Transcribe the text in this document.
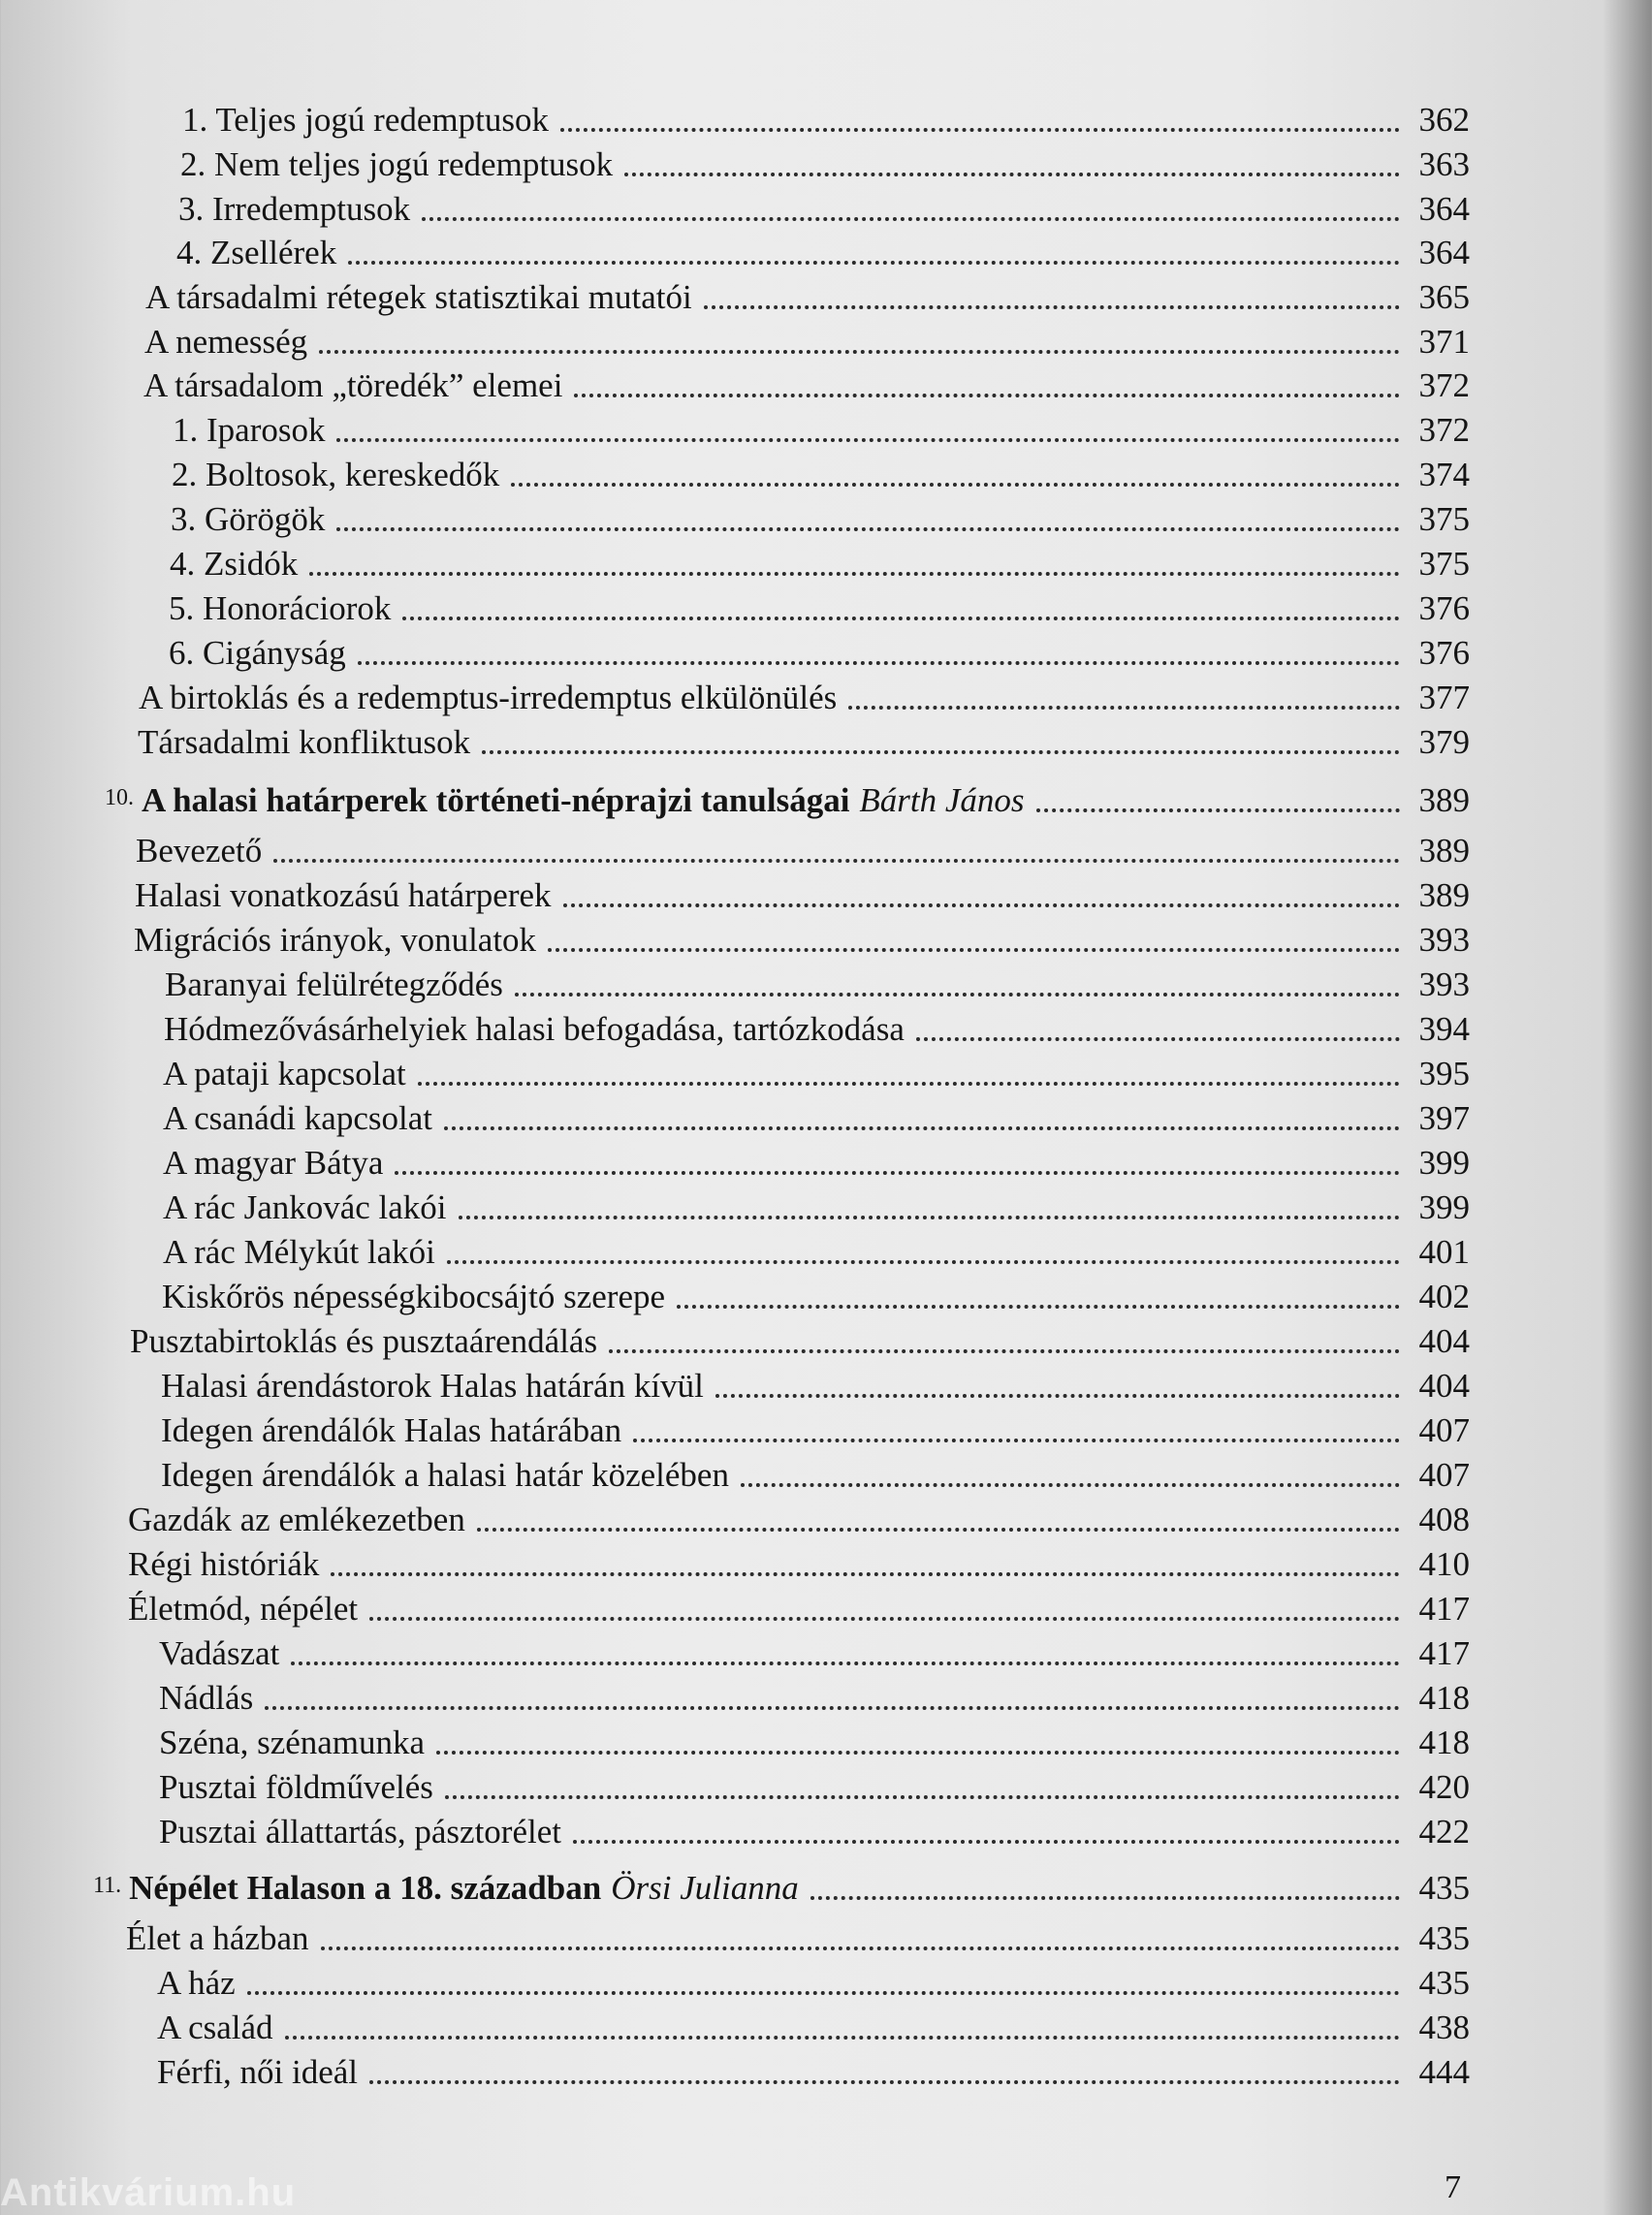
1. Teljes jogú redemptusok	362
2. Nem teljes jogú redemptusok	363
3. Irredemptusok	364
4. Zsellérek	364
A társadalmi rétegek statisztikai mutatói	365
A nemesség	371
A társadalom „töredék” elemei	372
1. Iparosok	372
2. Boltosok, kereskedők	374
3. Görögök	375
4. Zsidók	375
5. Honoráciorok	376
6. Cigányság	376
A birtoklás és a redemptus-irredemptus elkülönülés	377
Társadalmi konfliktusok	379
10. A halasi határperek történeti-néprajzi tanulságai Bárth János	389
Bevezető	389
Halasi vonatkozású határperek	389
Migrációs irányok, vonulatok	393
Baranyai felülrétegződés	393
Hódmezővásárhelyiek halasi befogadása, tartózkodása	394
A pataji kapcsolat	395
A csanádi kapcsolat	397
A magyar Bátya	399
A rác Jankovác lakói	399
A rác Mélykút lakói	401
Kiskőrös népességkibocsájtó szerepe	402
Pusztabirtoklás és pusztaárendálás	404
Halasi árendástorok Halas határán kívül	404
Idegen árendálók Halas határában	407
Idegen árendálók a halasi határ közelében	407
Gazdák az emlékezetben	408
Régi históriák	410
Életmód, népélet	417
Vadászat	417
Nádlás	418
Széna, szénamunka	418
Pusztai földművelés	420
Pusztai állattartás, pásztorélet	422
11. Népélet Halason a 18. században Örsi Julianna	435
Élet a házban	435
A ház	435
A család	438
Férfi, női ideál	444
7
Antikvárium.hu
